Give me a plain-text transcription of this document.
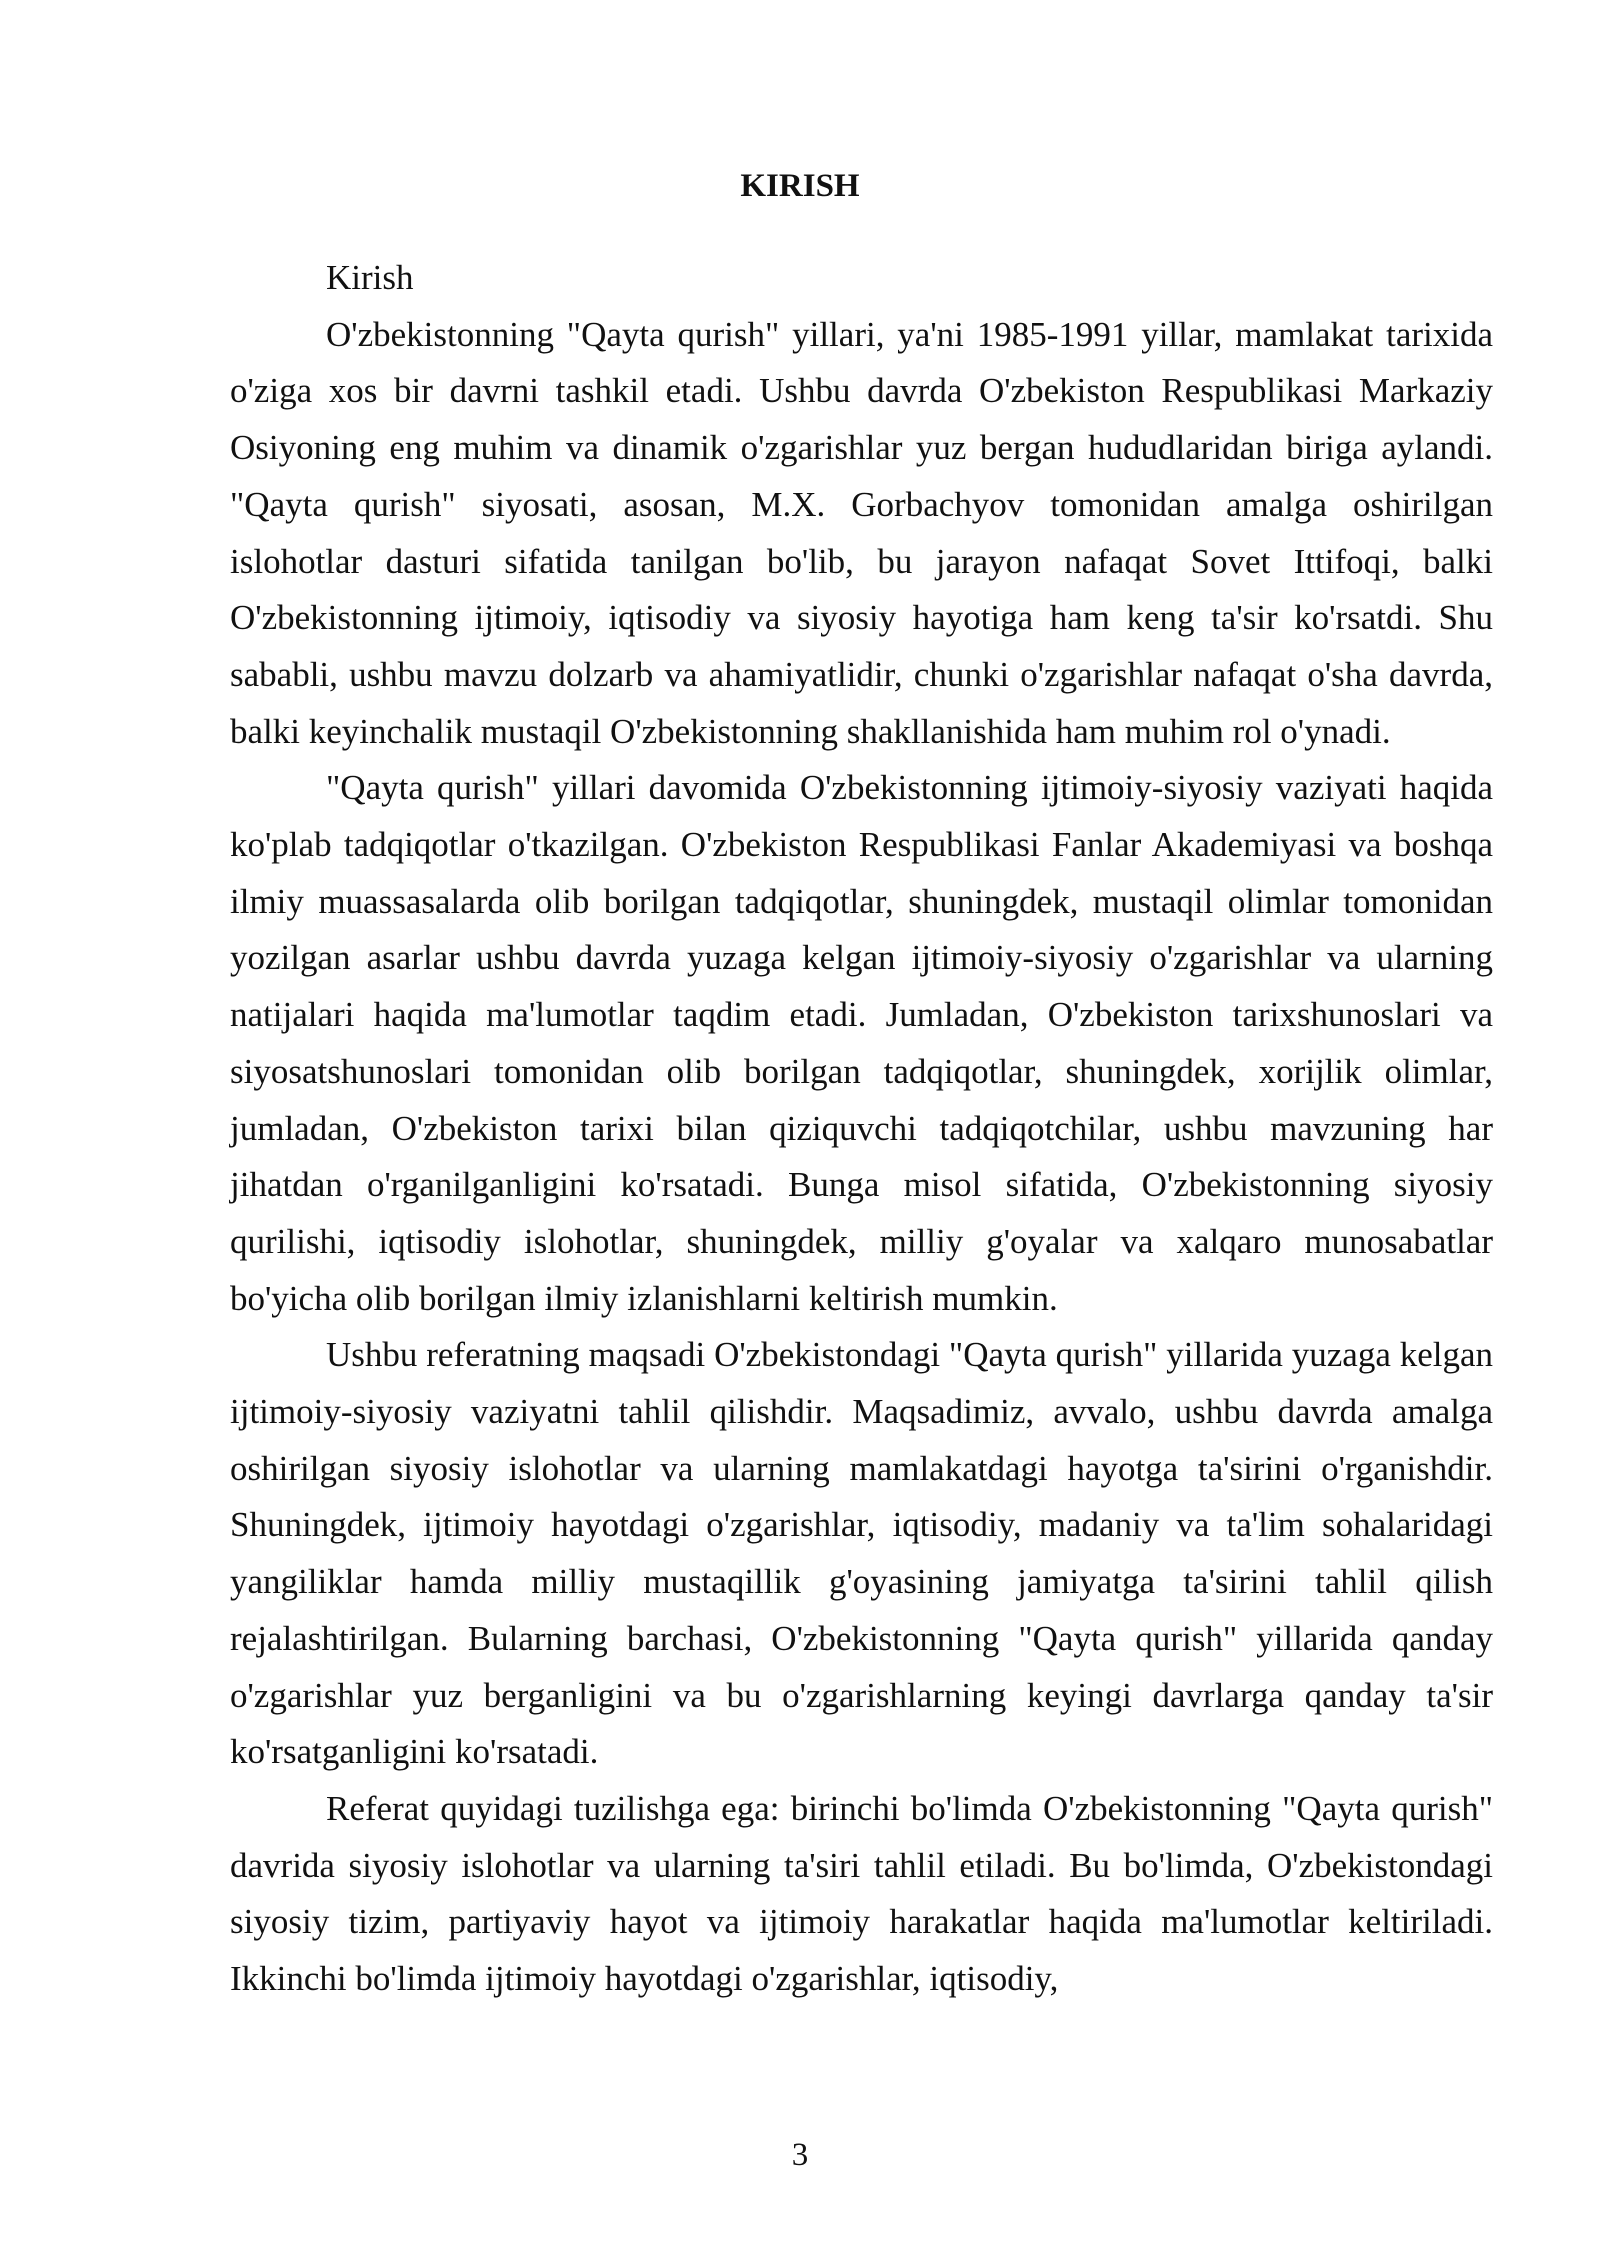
KIRISH

Kirish

O'zbekistonning "Qayta qurish" yillari, ya'ni 1985-1991 yillar, mamlakat tarixida o'ziga xos bir davrni tashkil etadi. Ushbu davrda O'zbekiston Respublikasi Markaziy Osiyoning eng muhim va dinamik o'zgarishlar yuz bergan hududlaridan biriga aylandi. "Qayta qurish" siyosati, asosan, M.X. Gorbachyov tomonidan amalga oshirilgan islohotlar dasturi sifatida tanilgan bo'lib, bu jarayon nafaqat Sovet Ittifoqi, balki O'zbekistonning ijtimoiy, iqtisodiy va siyosiy hayotiga ham keng ta'sir ko'rsatdi. Shu sababli, ushbu mavzu dolzarb va ahamiyatlidir, chunki o'zgarishlar nafaqat o'sha davrda, balki keyinchalik mustaqil O'zbekistonning shakllanishida ham muhim rol o'ynadi.

"Qayta qurish" yillari davomida O'zbekistonning ijtimoiy-siyosiy vaziyati haqida ko'plab tadqiqotlar o'tkazilgan. O'zbekiston Respublikasi Fanlar Akademiyasi va boshqa ilmiy muassasalarda olib borilgan tadqiqotlar, shuningdek, mustaqil olimlar tomonidan yozilgan asarlar ushbu davrda yuzaga kelgan ijtimoiy-siyosiy o'zgarishlar va ularning natijalari haqida ma'lumotlar taqdim etadi. Jumladan, O'zbekiston tarixshunoslari va siyosatshunoslari tomonidan olib borilgan tadqiqotlar, shuningdek, xorijlik olimlar, jumladan, O'zbekiston tarixi bilan qiziquvchi tadqiqotchilar, ushbu mavzuning har jihatdan o'rganilganligini ko'rsatadi. Bunga misol sifatida, O'zbekistonning siyosiy qurilishi, iqtisodiy islohotlar, shuningdek, milliy g'oyalar va xalqaro munosabatlar bo'yicha olib borilgan ilmiy izlanishlarni keltirish mumkin.

Ushbu referatning maqsadi O'zbekistondagi "Qayta qurish" yillarida yuzaga kelgan ijtimoiy-siyosiy vaziyatni tahlil qilishdir. Maqsadimiz, avvalo, ushbu davrda amalga oshirilgan siyosiy islohotlar va ularning mamlakatdagi hayotga ta'sirini o'rganishdir. Shuningdek, ijtimoiy hayotdagi o'zgarishlar, iqtisodiy, madaniy va ta'lim sohalaridagi yangiliklar hamda milliy mustaqillik g'oyasining jamiyatga ta'sirini tahlil qilish rejalashtirilgan. Bularning barchasi, O'zbekistonning "Qayta qurish" yillarida qanday o'zgarishlar yuz berganligini va bu o'zgarishlarning keyingi davrlarga qanday ta'sir ko'rsatganligini ko'rsatadi.

Referat quyidagi tuzilishga ega: birinchi bo'limda O'zbekistonning "Qayta qurish" davrida siyosiy islohotlar va ularning ta'siri tahlil etiladi. Bu bo'limda, O'zbekistondagi siyosiy tizim, partiyaviy hayot va ijtimoiy harakatlar haqida ma'lumotlar keltiriladi. Ikkinchi bo'limda ijtimoiy hayotdagi o'zgarishlar, iqtisodiy,

3
